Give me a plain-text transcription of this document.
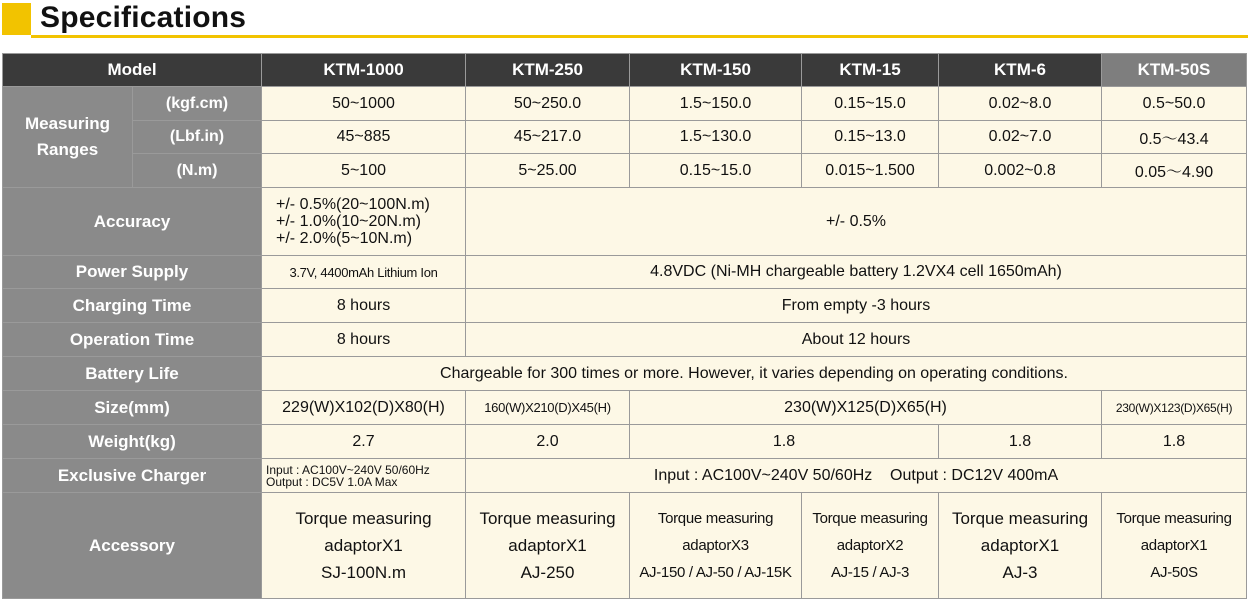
Specifications
Model		KTM-1000	KTM-250	KTM-150	KTM-15	KTM-6	KTM-50S

Measuring
Ranges	(kgf.cm)	50~1000	50~250.0	1.5~150.0	0.15~15.0	0.02~8.0	0.5~50.0
	(Lbf.in)	45~885	45~217.0	1.5~130.0	0.15~13.0	0.02~7.0	0.5～43.4
	(N.m)	5~100	5~25.00	0.15~15.0	0.015~1.500	0.002~0.8	0.05～4.90
Accuracy		+/- 0.5%(20~100N.m)
+/- 1.0%(10~20N.m)
+/- 2.0%(5~10N.m)	+/- 0.5%				
Power Supply		3.7V, 4400mAh Lithium Ion	4.8VDC (Ni-MH chargeable battery 1.2VX4 cell 1650mAh)				
Charging Time		8 hours	From empty -3 hours				
Operation Time		8 hours	About 12 hours				
Battery Life		Chargeable for 300 times or more. However, it varies depending on operating conditions.					
Size(mm)		229(W)X102(D)X80(H)	160(W)X210(D)X45(H)	230(W)X125(D)X65(H)			230(W)X123(D)X65(H)
Weight(kg)		2.7	2.0	1.8		1.8	1.8
Exclusive Charger		Input : AC100V~240V 50/60Hz
Output : DC5V 1.0A Max	Input : AC100V~240V 50/60Hz    Output : DC12V 400mA				
Accessory		Torque measuring
adaptorX1
SJ-100N.m	Torque measuring
adaptorX1
AJ-250	Torque measuring
adaptorX3
AJ-150 / AJ-50 / AJ-15K	Torque measuring
adaptorX2
AJ-15 / AJ-3	Torque measuring
adaptorX1
AJ-3	Torque measuring
adaptorX1
AJ-50S
